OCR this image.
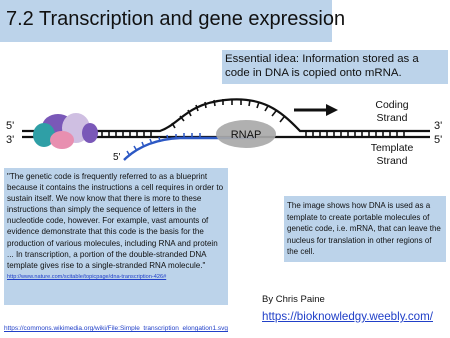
7.2 Transcription and gene expression
Essential idea: Information stored as a code in DNA is copied onto mRNA.
RNAP
5'
3'
3'
5'
5'
Coding
Strand
Template
Strand
"The genetic code is frequently referred to as a blueprint because it contains the instructions a cell requires in order to sustain itself. We now know that there is more to these instructions than simply the sequence of letters in the nucleotide code, however. For example, vast amounts of evidence demonstrate that this code is the basis for the production of various molecules, including RNA and protein ... In transcription, a portion of the double-stranded DNA template gives rise to a single-stranded RNA molecule."
http://www.nature.com/scitable/topicpage/dna-transcription-426#
The image shows how DNA is used as a template to create portable molecules of genetic code, i.e. mRNA, that can leave the nucleus for translation in other regions of the cell.
By Chris Paine
https://bioknowledgy.weebly.com/
https://commons.wikimedia.org/wiki/File:Simple_transcription_elongation1.svg
